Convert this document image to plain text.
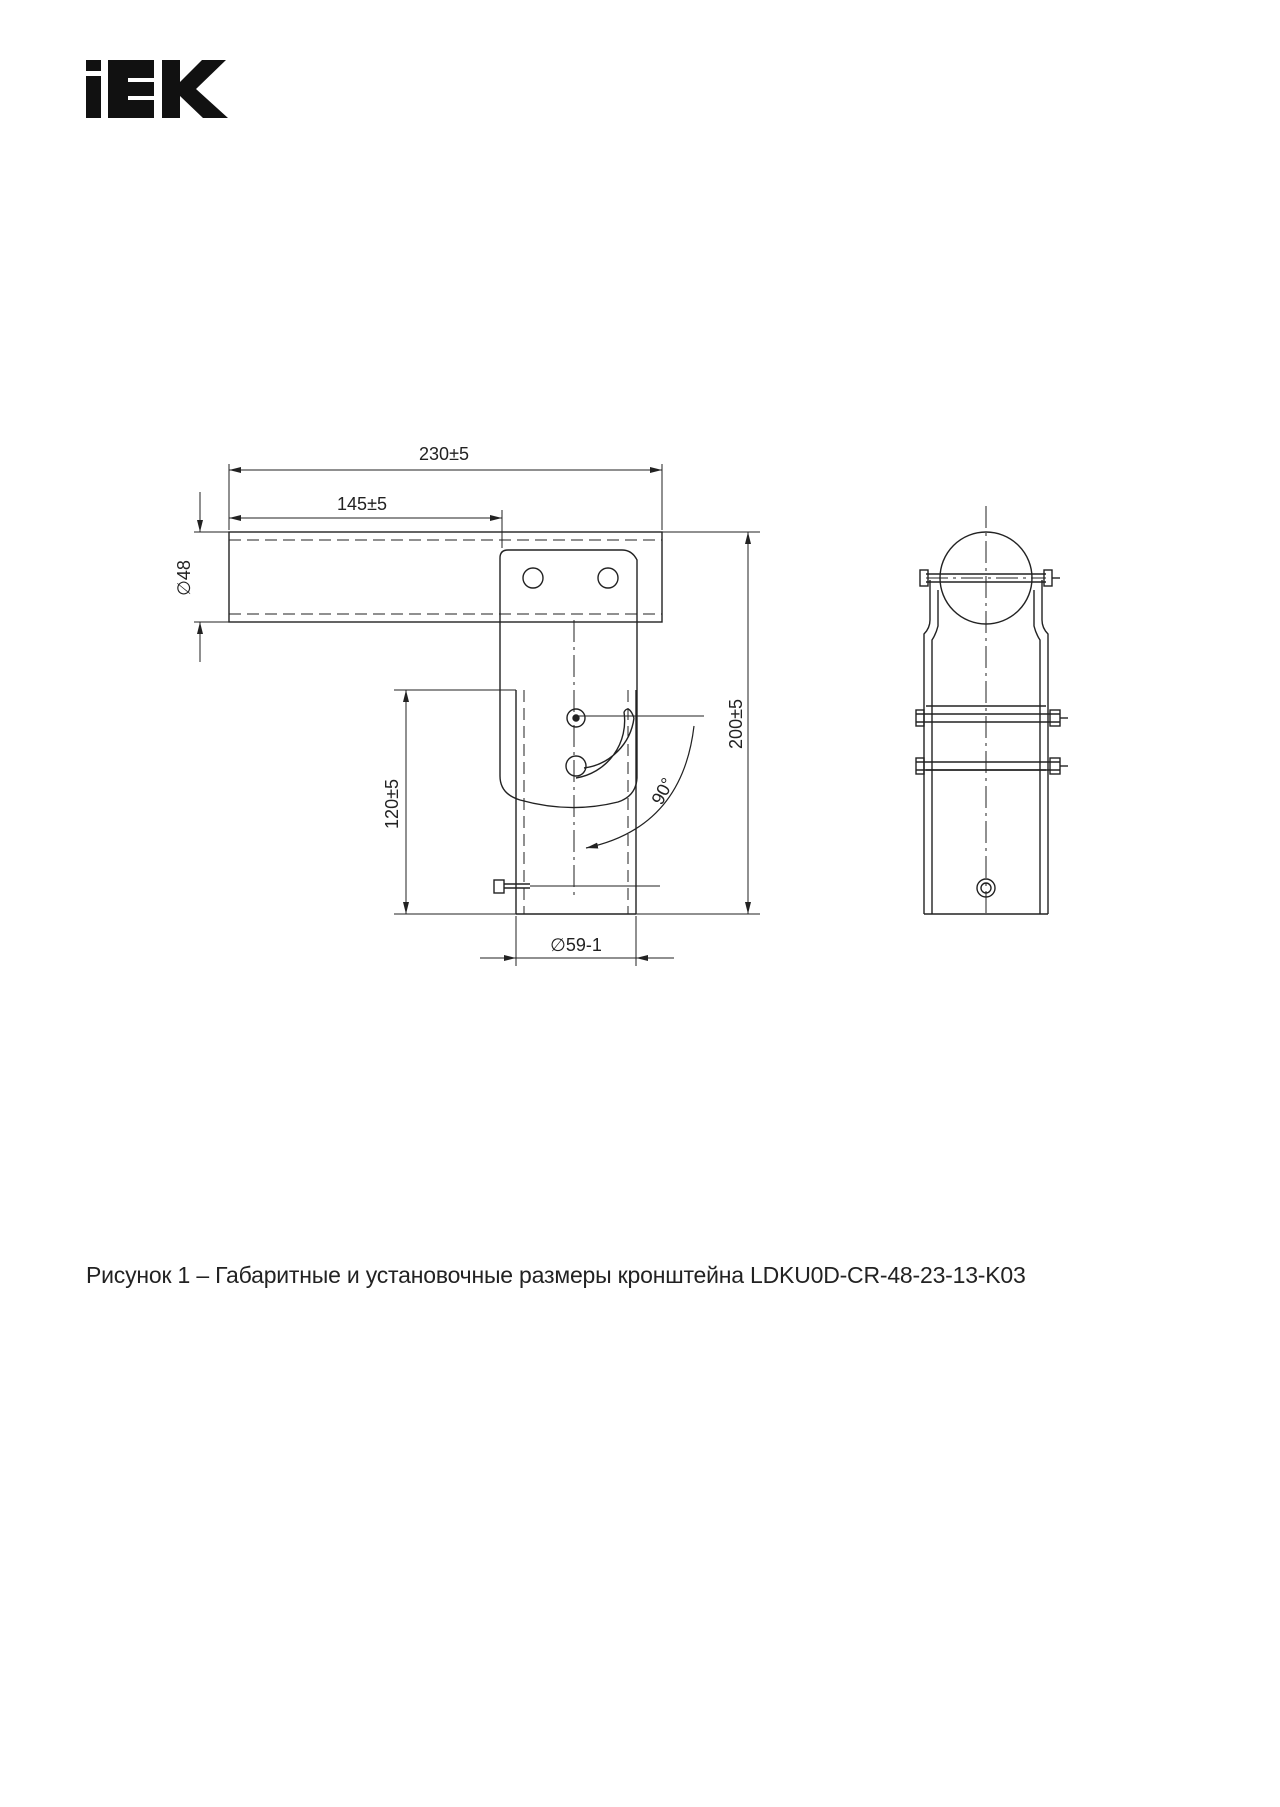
230±5
145±5
∅48
200±5
120±5
∅59-1
90°
Рисунок 1 – Габаритные и установочные размеры кронштейна LDKU0D-CR-48-23-13-K03
